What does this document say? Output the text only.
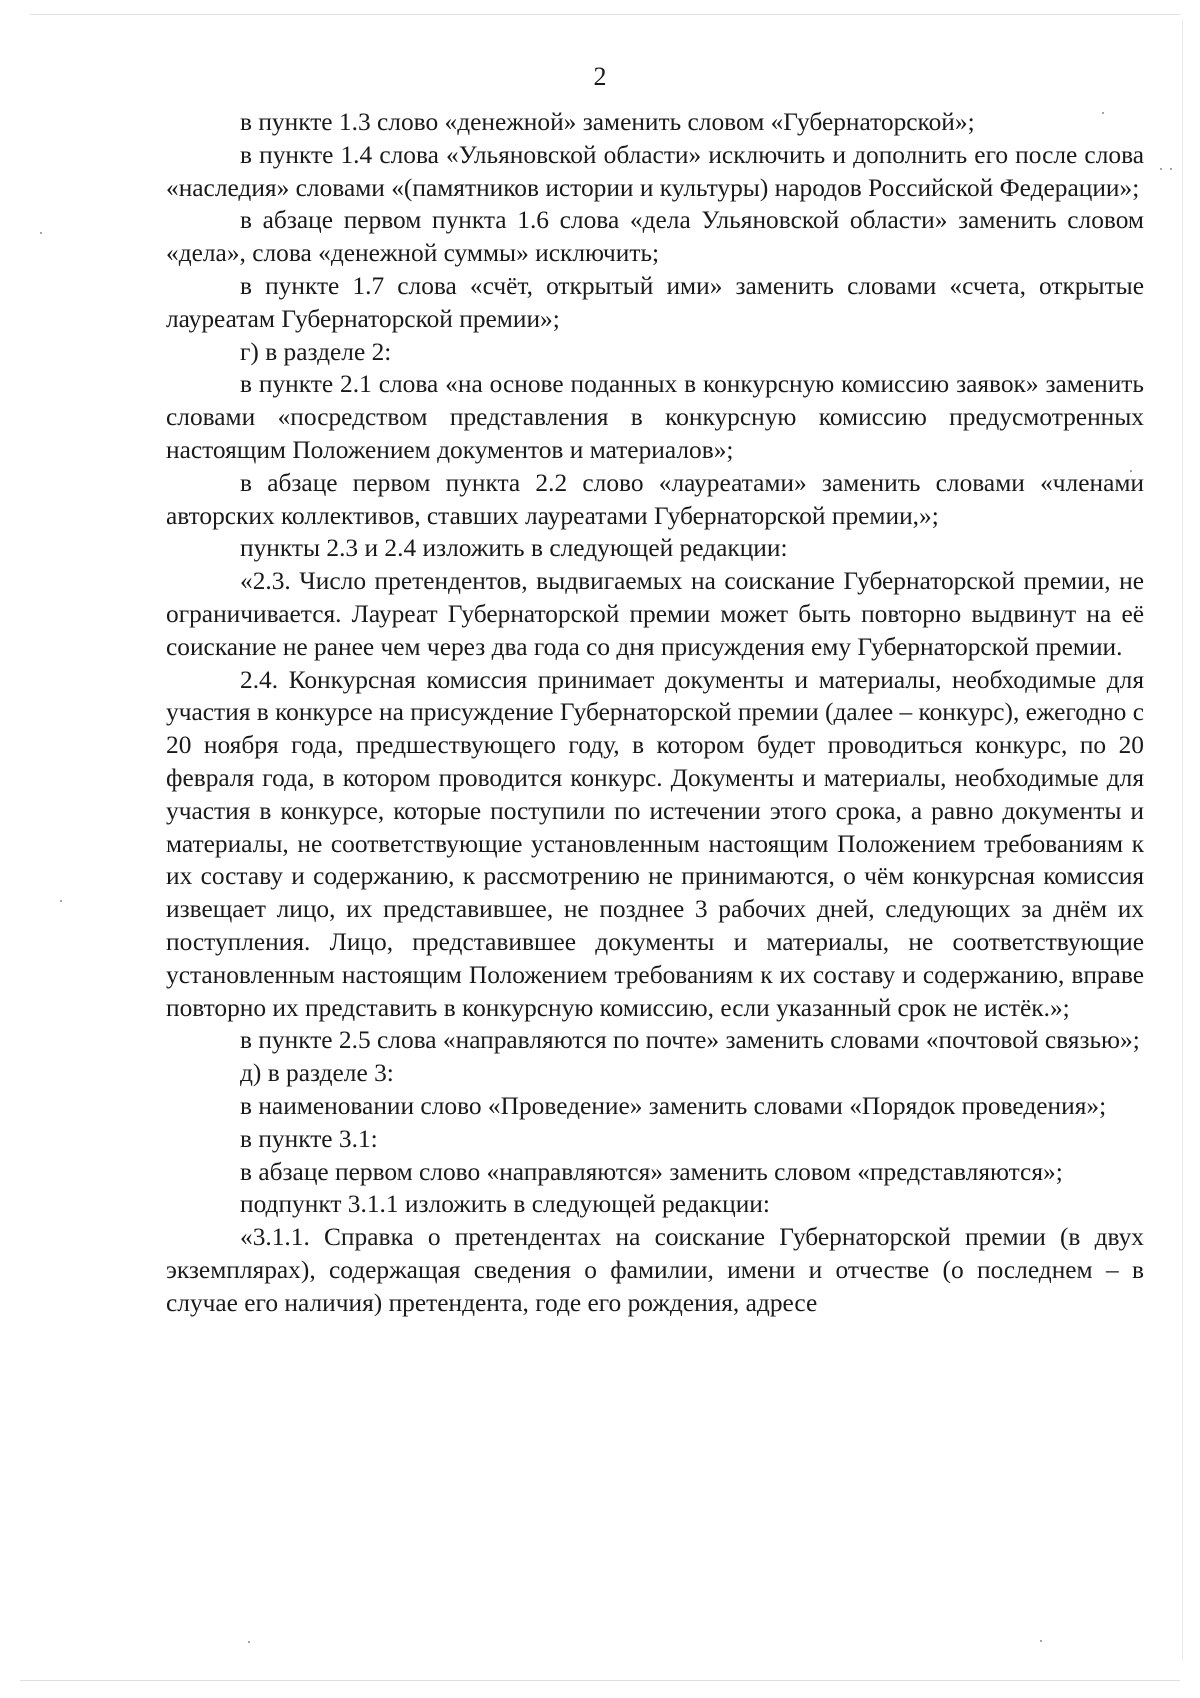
2

в пункте 1.3 слово «денежной» заменить словом «Губернаторской»;

в пункте 1.4 слова «Ульяновской области» исключить и дополнить его после слова «наследия» словами «(памятников истории и культуры) народов Российской Федерации»;

в абзаце первом пункта 1.6 слова «дела Ульяновской области» заменить словом «дела», слова «денежной суммы» исключить;

в пункте 1.7 слова «счёт, открытый ими» заменить словами «счета, открытые лауреатам Губернаторской премии»;

г) в разделе 2:

в пункте 2.1 слова «на основе поданных в конкурсную комиссию заявок» заменить словами «посредством представления в конкурсную комиссию предусмотренных настоящим Положением документов и материалов»;

в абзаце первом пункта 2.2 слово «лауреатами» заменить словами «членами авторских коллективов, ставших лауреатами Губернаторской премии,»;

пункты 2.3 и 2.4 изложить в следующей редакции:

«2.3. Число претендентов, выдвигаемых на соискание Губернаторской премии, не ограничивается. Лауреат Губернаторской премии может быть повторно выдвинут на её соискание не ранее чем через два года со дня присуждения ему Губернаторской премии.

2.4. Конкурсная комиссия принимает документы и материалы, необходимые для участия в конкурсе на присуждение Губернаторской премии (далее – конкурс), ежегодно с 20 ноября года, предшествующего году, в котором будет проводиться конкурс, по 20 февраля года, в котором проводится конкурс. Документы и материалы, необходимые для участия в конкурсе, которые поступили по истечении этого срока, а равно документы и материалы, не соответствующие установленным настоящим Положением требованиям к их составу и содержанию, к рассмотрению не принимаются, о чём конкурсная комиссия извещает лицо, их представившее, не позднее 3 рабочих дней, следующих за днём их поступления. Лицо, представившее документы и материалы, не соответствующие установленным настоящим Положением требованиям к их составу и содержанию, вправе повторно их представить в конкурсную комиссию, если указанный срок не истёк.»;

в пункте 2.5 слова «направляются по почте» заменить словами «почтовой связью»;

д) в разделе 3:

в наименовании слово «Проведение» заменить словами «Порядок проведения»;

в пункте 3.1:

в абзаце первом слово «направляются» заменить словом «представляются»;

подпункт 3.1.1 изложить в следующей редакции:

«3.1.1. Справка о претендентах на соискание Губернаторской премии (в двух экземплярах), содержащая сведения о фамилии, имени и отчестве (о последнем – в случае его наличия) претендента, годе его рождения, адресе
